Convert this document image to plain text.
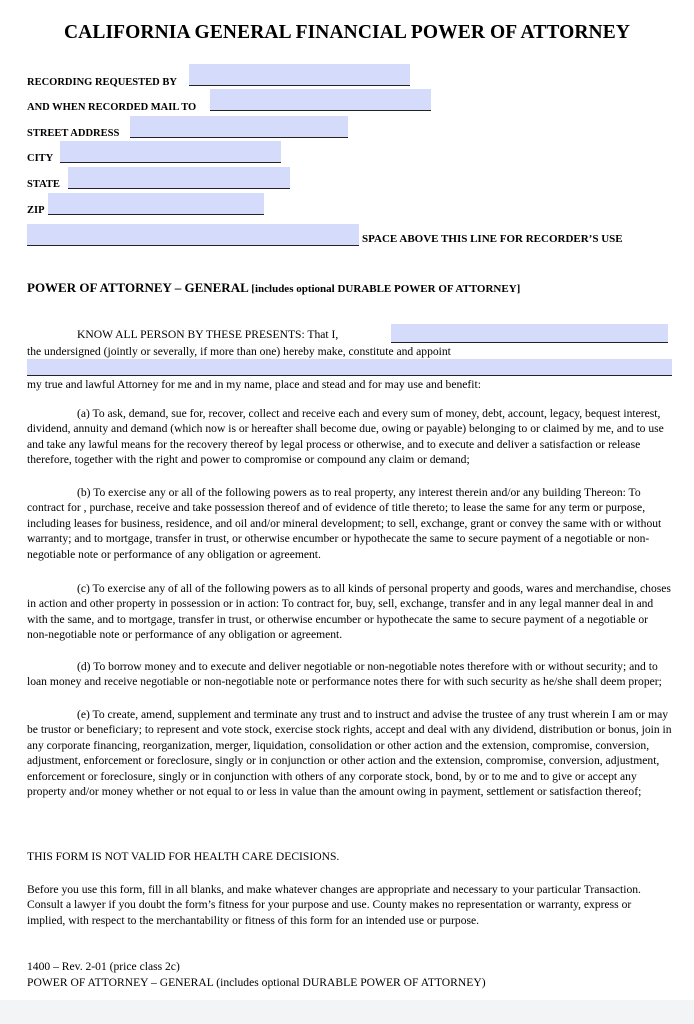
CALIFORNIA GENERAL FINANCIAL POWER OF ATTORNEY
RECORDING REQUESTED BY
AND WHEN RECORDED MAIL TO
STREET ADDRESS
CITY
STATE
ZIP
SPACE ABOVE THIS LINE FOR RECORDER’S USE
POWER OF ATTORNEY – GENERAL [includes optional DURABLE POWER OF ATTORNEY]
KNOW ALL PERSON BY THESE PRESENTS: That I,
the undersigned (jointly or severally, if more than one) hereby make, constitute and appoint
my true and lawful Attorney for me and in my name, place and stead and for may use and benefit:

(a) To ask, demand, sue for, recover, collect and receive each and every sum of money, debt, account, legacy, bequest interest, dividend, annuity and demand (which now is or hereafter shall become due, owing or payable) belonging to or claimed by me, and to use and take any lawful means for the recovery thereof by legal process or otherwise, and to execute and deliver a satisfaction or release therefore, together with the right and power to compromise or compound any claim or demand;

(b) To exercise any or all of the following powers as to real property, any interest therein and/or any building Thereon: To contract for , purchase, receive and take possession thereof and of evidence of title thereto; to lease the same for any term or purpose, including leases for business, residence, and oil and/or mineral development; to sell, exchange, grant or convey the same with or without warranty; and to mortgage, transfer in trust, or otherwise encumber or hypothecate the same to secure payment of a negotiable or non-negotiable note or performance of any obligation or agreement.

(c) To exercise any of all of the following powers as to all kinds of personal property and goods, wares and merchandise, choses in action and other property in possession or in action: To contract for, buy, sell, exchange, transfer and in any legal manner deal in and with the same, and to mortgage, transfer in trust, or otherwise encumber or hypothecate the same to secure payment of a negotiable or non-negotiable note or performance of any obligation or agreement.

(d) To borrow money and to execute and deliver negotiable or non-negotiable notes therefore with or without security; and to loan money and receive negotiable or non-negotiable note or performance notes there for with such security as he/she shall deem proper;

(e) To create, amend, supplement and terminate any trust and to instruct and advise the trustee of any trust wherein I am or may be trustor or beneficiary; to represent and vote stock, exercise stock rights, accept and deal with any dividend, distribution or bonus, join in any corporate financing, reorganization, merger, liquidation, consolidation or other action and the extension, compromise, conversion, adjustment, enforcement or foreclosure, singly or in conjunction or other action and the extension, compromise, conversion, adjustment, enforcement or foreclosure, singly or in conjunction with others of any corporate stock, bond, by or to me and to give or accept any property and/or money whether or not equal to or less in value than the amount owing in payment, settlement or satisfaction thereof;

THIS FORM IS NOT VALID FOR HEALTH CARE DECISIONS.

Before you use this form, fill in all blanks, and make whatever changes are appropriate and necessary to your particular Transaction. Consult a lawyer if you doubt the form’s fitness for your purpose and use. County makes no representation or warranty, express or implied, with respect to the merchantability or fitness of this form for an intended use or purpose.

1400 – Rev. 2-01 (price class 2c)
POWER OF ATTORNEY – GENERAL (includes optional DURABLE POWER OF ATTORNEY)
